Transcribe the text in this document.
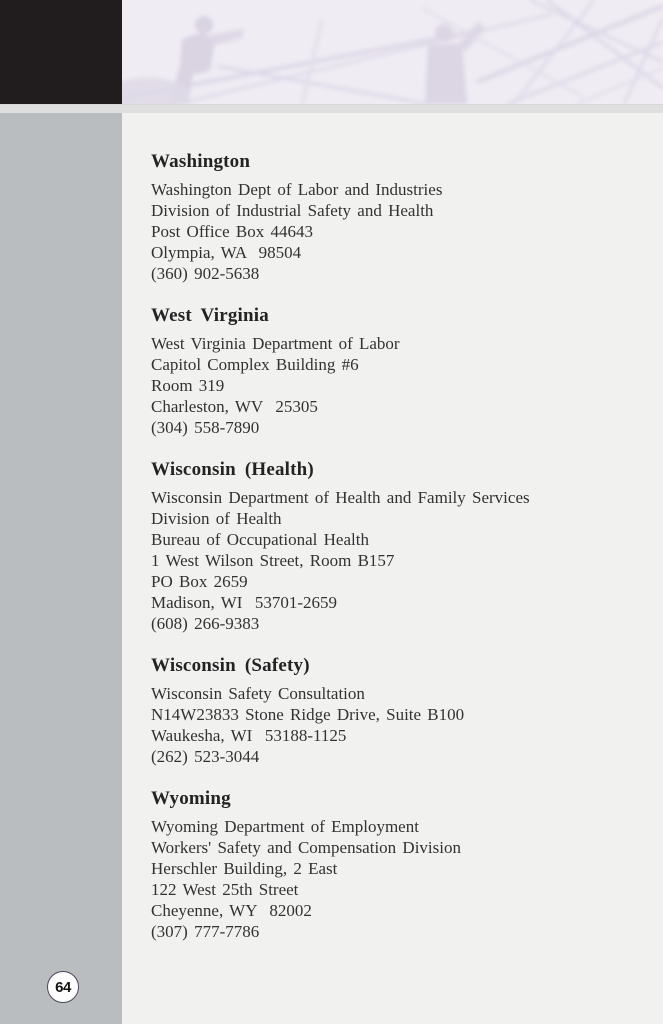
64
Washington
Washington Dept of Labor and Industries
Division of Industrial Safety and Health
Post Office Box 44643
Olympia, WA  98504
(360) 902-5638
West Virginia
West Virginia Department of Labor
Capitol Complex Building #6
Room 319
Charleston, WV  25305
(304) 558-7890
Wisconsin (Health)
Wisconsin Department of Health and Family Services
Division of Health
Bureau of Occupational Health
1 West Wilson Street, Room B157
PO Box 2659
Madison, WI  53701-2659
(608) 266-9383
Wisconsin (Safety)
Wisconsin Safety Consultation
N14W23833 Stone Ridge Drive, Suite B100
Waukesha, WI  53188-1125
(262) 523-3044
Wyoming
Wyoming Department of Employment
Workers' Safety and Compensation Division
Herschler Building, 2 East
122 West 25th Street
Cheyenne, WY  82002
(307) 777-7786
